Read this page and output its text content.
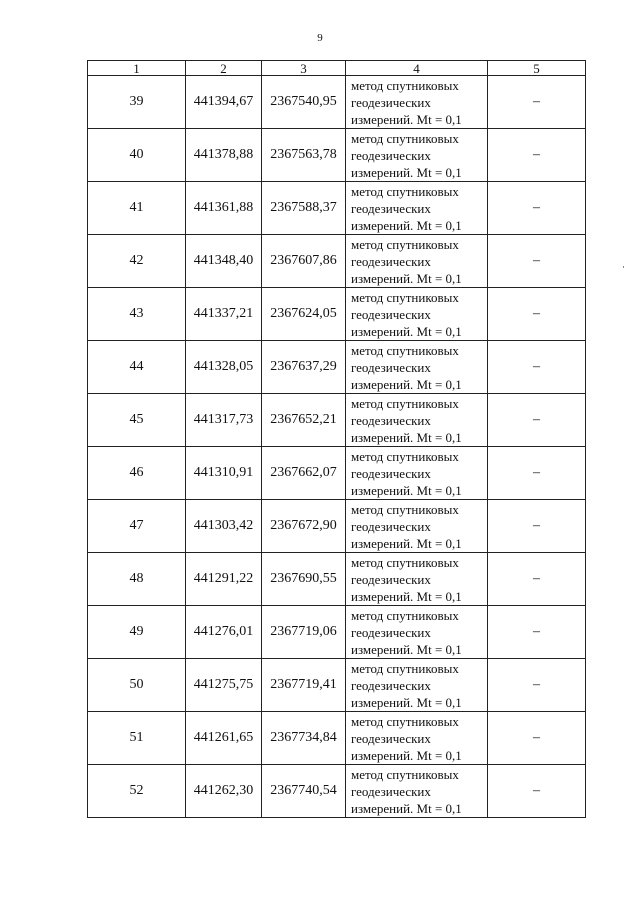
9
1	2	3	4	5
39	441394,67	2367540,95	метод спутниковых
геодезических
измерений. Mt = 0,1	–
40	441378,88	2367563,78	метод спутниковых
геодезических
измерений. Mt = 0,1	–
41	441361,88	2367588,37	метод спутниковых
геодезических
измерений. Mt = 0,1	–
42	441348,40	2367607,86	метод спутниковых
геодезических
измерений. Mt = 0,1	–
43	441337,21	2367624,05	метод спутниковых
геодезических
измерений. Mt = 0,1	–
44	441328,05	2367637,29	метод спутниковых
геодезических
измерений. Mt = 0,1	–
45	441317,73	2367652,21	метод спутниковых
геодезических
измерений. Mt = 0,1	–
46	441310,91	2367662,07	метод спутниковых
геодезических
измерений. Mt = 0,1	–
47	441303,42	2367672,90	метод спутниковых
геодезических
измерений. Mt = 0,1	–
48	441291,22	2367690,55	метод спутниковых
геодезических
измерений. Mt = 0,1	–
49	441276,01	2367719,06	метод спутниковых
геодезических
измерений. Mt = 0,1	–
50	441275,75	2367719,41	метод спутниковых
геодезических
измерений. Mt = 0,1	–
51	441261,65	2367734,84	метод спутниковых
геодезических
измерений. Mt = 0,1	–
52	441262,30	2367740,54	метод спутниковых
геодезических
измерений. Mt = 0,1	–
